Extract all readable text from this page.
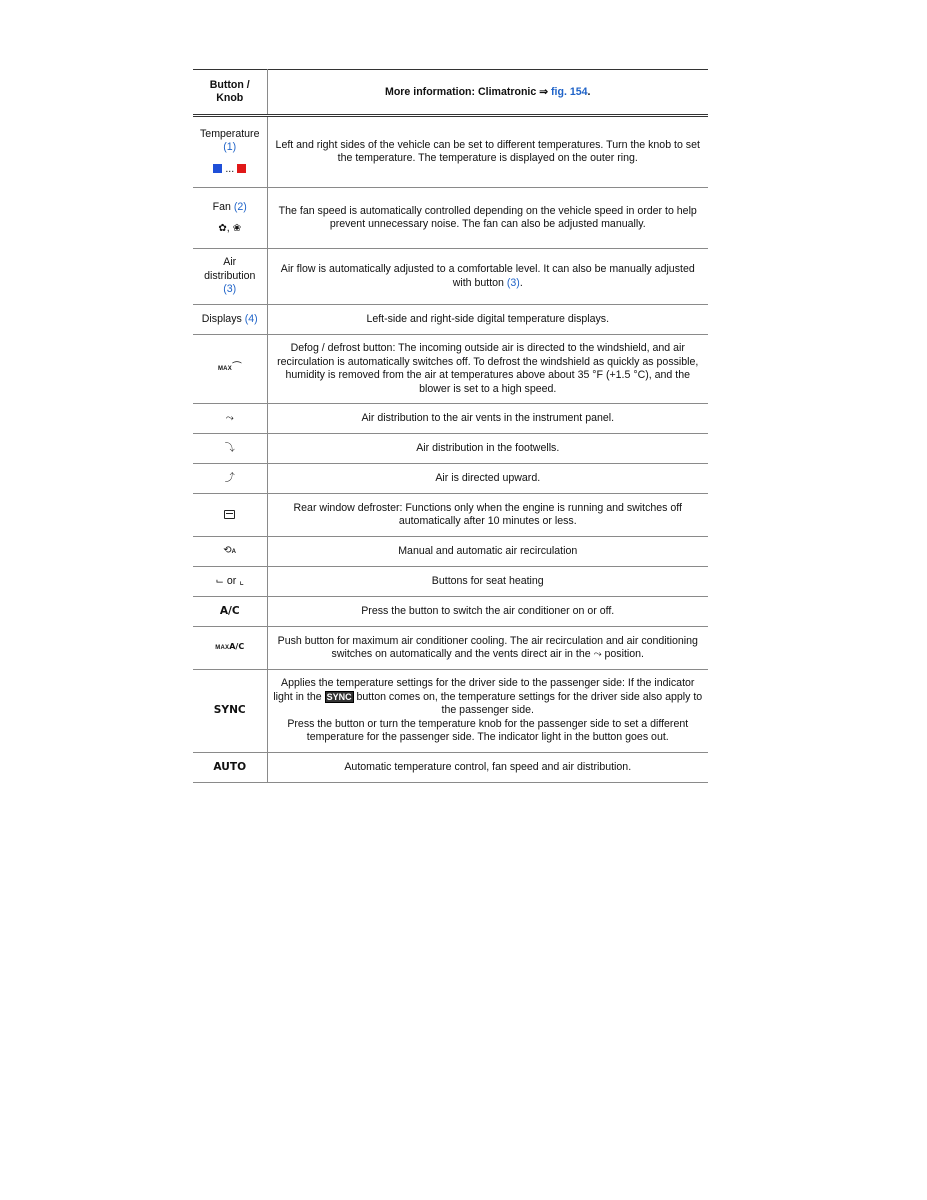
Button /
Knob	More information: Climatronic ⇒ fig. 154.

Temperature
(1)
...	Left and right sides of the vehicle can be set to different temperatures. Turn the knob to set the temperature. The temperature is displayed on the outer ring.

Fan (2)
✿, ❀	The fan speed is automatically controlled depending on the vehicle speed in order to help prevent unnecessary noise. The fan can also be adjusted manually.

Air
distribution
(3)	Air flow is automatically adjusted to a comfortable level. It can also be manually adjusted with button (3).
Displays (4)	Left-side and right-side digital temperature displays.
MAX⏜	Defog / defrost button: The incoming outside air is directed to the windshield, and air recirculation is automatically switches off. To defrost the windshield as quickly as possible, humidity is removed from the air at temperatures above about 35 °F (+1.5 °C), and the blower is set to a high speed.
⤳	Air distribution to the air vents in the instrument panel.
⤵	Air distribution in the footwells.
⤴	Air is directed upward.

	Rear window defroster: Functions only when the engine is running and switches off automatically after 10 minutes or less.
⟲A	Manual and automatic air recirculation
⌙ or ⌞	Buttons for seat heating
A/C	Press the button to switch the air conditioner on or off.
MAXA/C	Push button for maximum air conditioner cooling. The air recirculation and air conditioning switches on automatically and the vents direct air in the ⤳ position.
SYNC	Applies the temperature settings for the driver side to the passenger side: If the indicator light in the SYNC button comes on, the temperature settings for the driver side also apply to the passenger side.
Press the button or turn the temperature knob for the passenger side to set a different temperature for the passenger side. The indicator light in the button goes out.
AUTO	Automatic temperature control, fan speed and air distribution.
